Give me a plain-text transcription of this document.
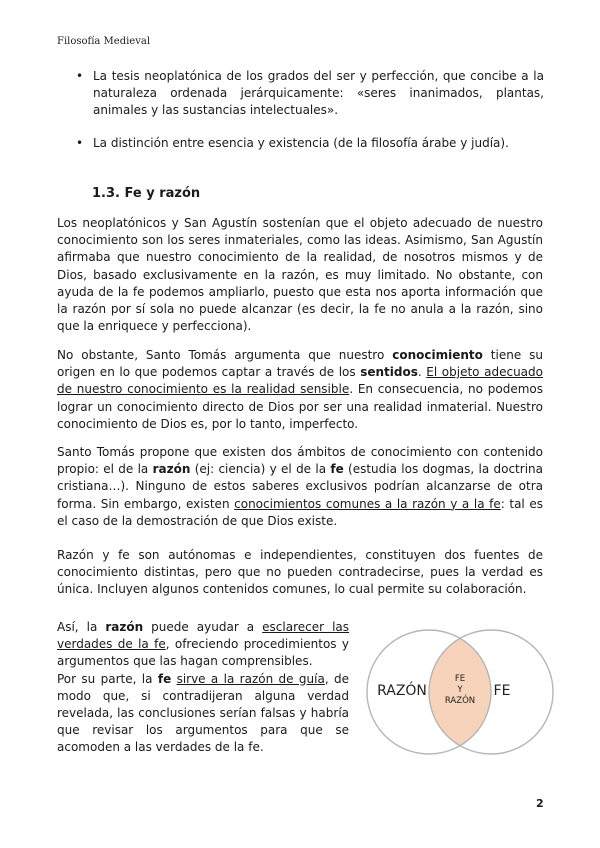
Filosofía Medieval
• La tesis neoplatónica de los grados del ser y perfección, que concibe a la naturaleza ordenada jerárquicamente: «seres inanimados, plantas, animales y las sustancias intelectuales».
• La distinción entre esencia y existencia (de la filosofía árabe y judía).
1.3. Fe y razón

Los neoplatónicos y San Agustín sostenían que el objeto adecuado de nuestro conocimiento son los seres inmateriales, como las ideas. Asimismo, San Agustín afirmaba que nuestro conocimiento de la realidad, de nosotros mismos y de Dios, basado exclusivamente en la razón, es muy limitado. No obstante, con ayuda de la fe podemos ampliarlo, puesto que esta nos aporta información que la razón por sí sola no puede alcanzar (es decir, la fe no anula a la razón, sino que la enriquece y perfecciona).

No obstante, Santo Tomás argumenta que nuestro conocimiento tiene su origen en lo que podemos captar a través de los sentidos. El objeto adecuado de nuestro conocimiento es la realidad sensible. En consecuencia, no podemos lograr un conocimiento directo de Dios por ser una realidad inmaterial. Nuestro conocimiento de Dios es, por lo tanto, imperfecto.

Santo Tomás propone que existen dos ámbitos de conocimiento con contenido propio: el de la razón (ej: ciencia) y el de la fe (estudia los dogmas, la doctrina cristiana…). Ninguno de estos saberes exclusivos podrían alcanzarse de otra forma. Sin embargo, existen conocimientos comunes a la razón y a la fe: tal es el caso de la demostración de que Dios existe.

Razón y fe son autónomas e independientes, constituyen dos fuentes de conocimiento distintas, pero que no pueden contradecirse, pues la verdad es única. Incluyen algunos contenidos comunes, lo cual permite su colaboración.

Así, la razón puede ayudar a esclarecer las verdades de la fe, ofreciendo procedimientos y argumentos que las hagan comprensibles.

Por su parte, la fe sirve a la razón de guía, de modo que, si contradijeran alguna verdad revelada, las conclusiones serían falsas y habría que revisar los argumentos para que se acomoden a las verdades de la fe.

RAZÓN	FE
FE
Y
RAZÓN
2
